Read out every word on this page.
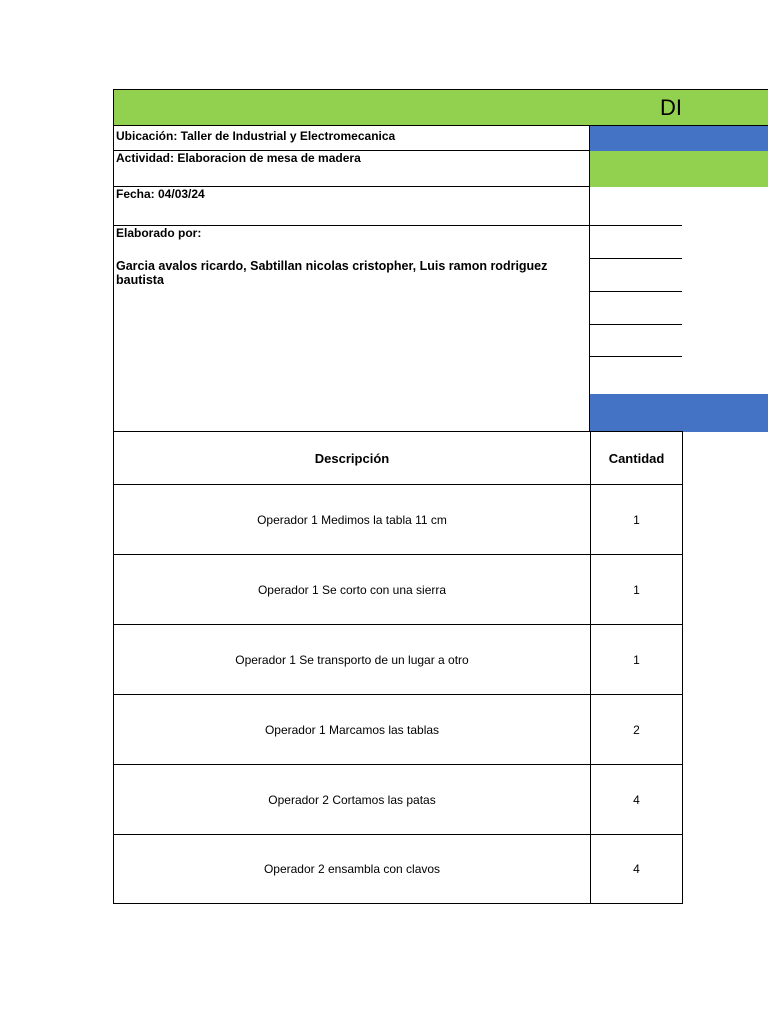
DI
Ubicación: Taller de Industrial y Electromecanica
Actividad: Elaboracion de mesa de madera
Fecha: 04/03/24
Elaborado por:
Garcia avalos ricardo, Sabtillan nicolas cristopher, Luis ramon rodriguez bautista
Descripción	Cantidad
Operador 1 Medimos la tabla 11 cm	1
Operador 1 Se corto con una sierra	1
Operador 1 Se transporto de un lugar a otro	1
Operador 1 Marcamos las tablas	2
Operador 2 Cortamos las patas	4
Operador 2 ensambla con clavos	4
